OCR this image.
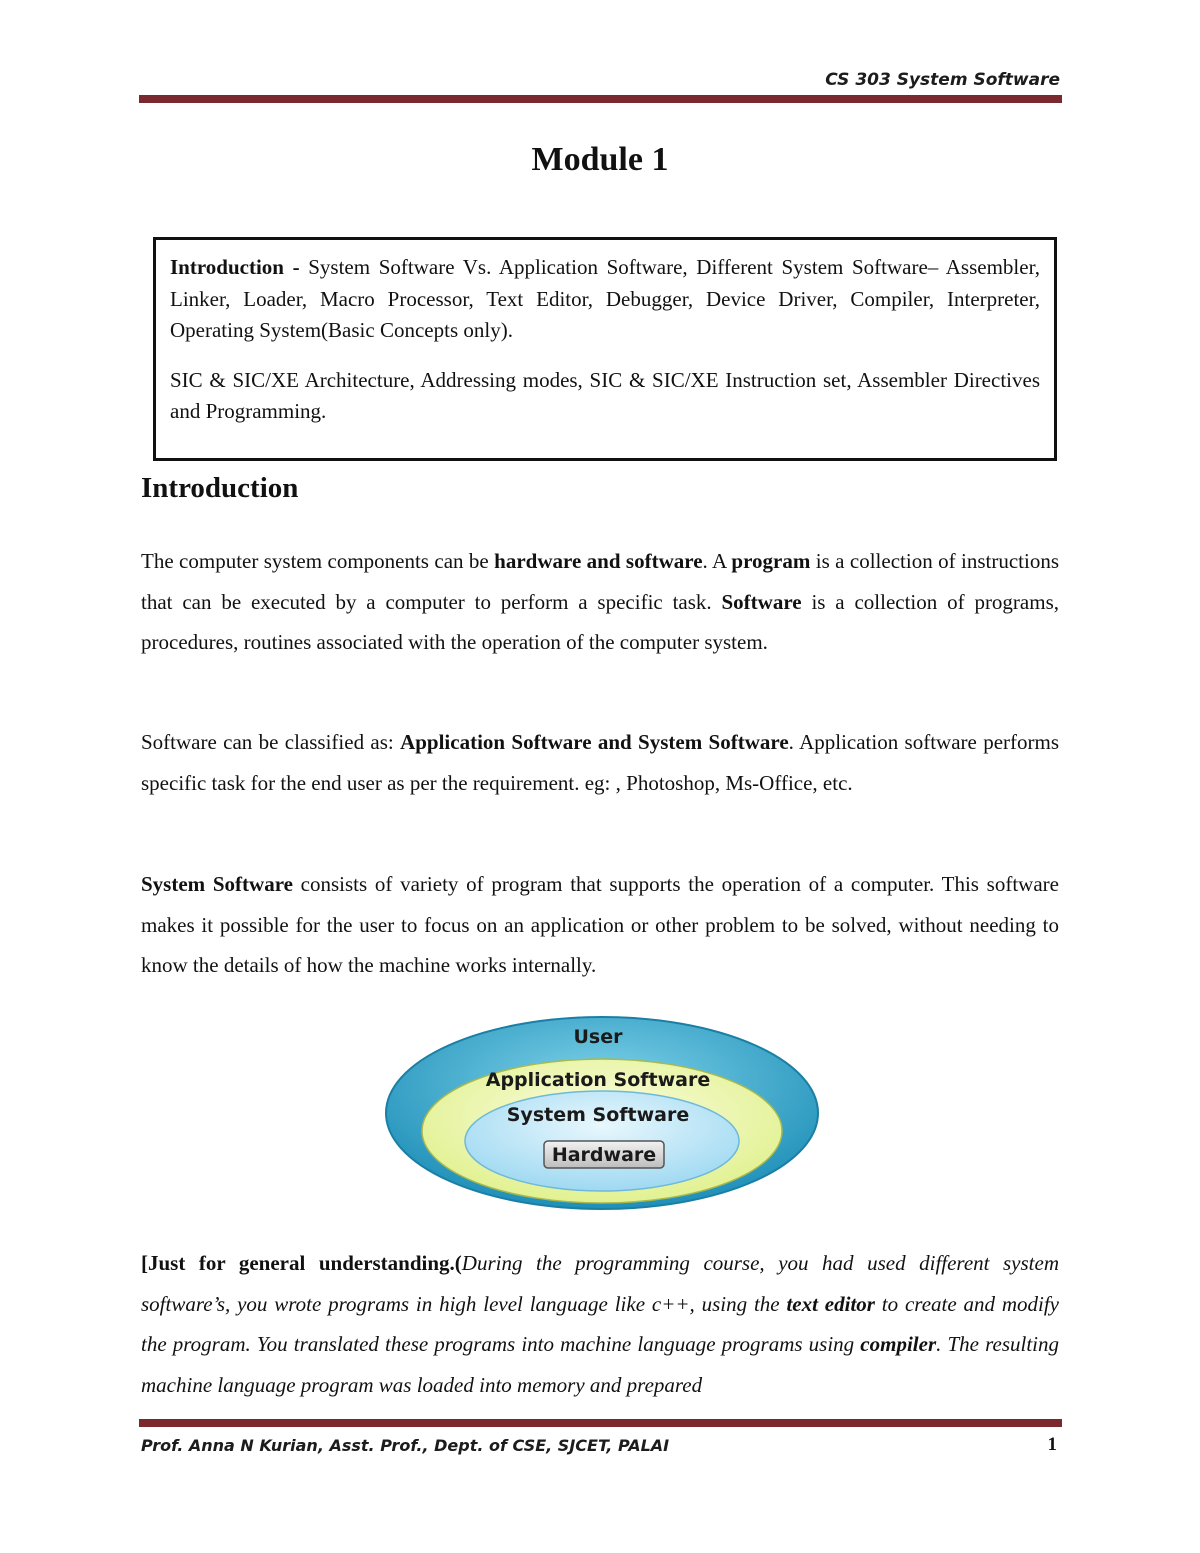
CS 303 System Software
Module 1

Introduction - System Software Vs. Application Software, Different System Software– Assembler, Linker, Loader, Macro Processor, Text Editor, Debugger, Device Driver, Compiler, Interpreter, Operating System(Basic Concepts only).

SIC & SIC/XE Architecture, Addressing modes, SIC & SIC/XE Instruction set, Assembler Directives and Programming.

Introduction

The computer system components can be hardware and software. A program is a collection of instructions that can be executed by a computer to perform a specific task. Software is a collection of programs, procedures, routines associated with the operation of the computer system.

Software can be classified as: Application Software and System Software. Application software performs specific task for the end user as per the requirement. eg: , Photoshop, Ms-Office, etc.

System Software consists of variety of program that supports the operation of a computer. This software makes it possible for the user to focus on an application or other problem to be solved, without needing to know the details of how the machine works internally.

User
Application Software
System Software
Hardware

[Just for general understanding.(During the programming course, you had used different system software’s, you wrote programs in high level language like c++, using the text editor to create and modify the program. You translated these programs into machine language programs using compiler. The resulting machine language program was loaded into memory and prepared

Prof. Anna N Kurian, Asst. Prof., Dept. of CSE, SJCET, PALAI	1
